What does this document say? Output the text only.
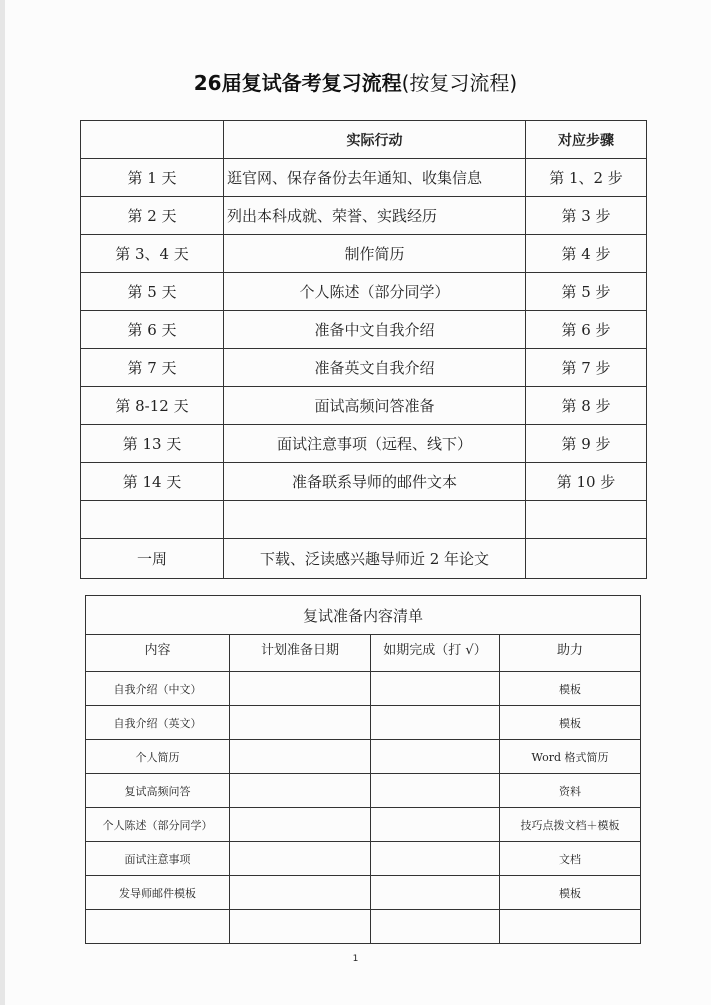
26届复试备考复习流程(按复习流程)
	实际行动	对应步骤
第 1 天	逛官网、保存备份去年通知、收集信息	第 1、2 步
第 2 天	列出本科成就、荣誉、实践经历	第 3 步
第 3、4 天	制作简历	第 4 步
第 5 天	个人陈述（部分同学）	第 5 步
第 6 天	准备中文自我介绍	第 6 步
第 7 天	准备英文自我介绍	第 7 步
第 8-12 天	面试高频问答准备	第 8 步
第 13 天	面试注意事项（远程、线下）	第 9 步
第 14 天	准备联系导师的邮件文本	第 10 步

一周	下载、泛读感兴趣导师近 2 年论文	
复试准备内容清单			
内容	计划准备日期	如期完成（打 √）	助力
自我介绍（中文）			模板
自我介绍（英文）			模板
个人简历			Word 格式简历
复试高频问答			资料
个人陈述（部分同学）			技巧点拨文档＋模板
面试注意事项			文档
发导师邮件模板			模板

1
